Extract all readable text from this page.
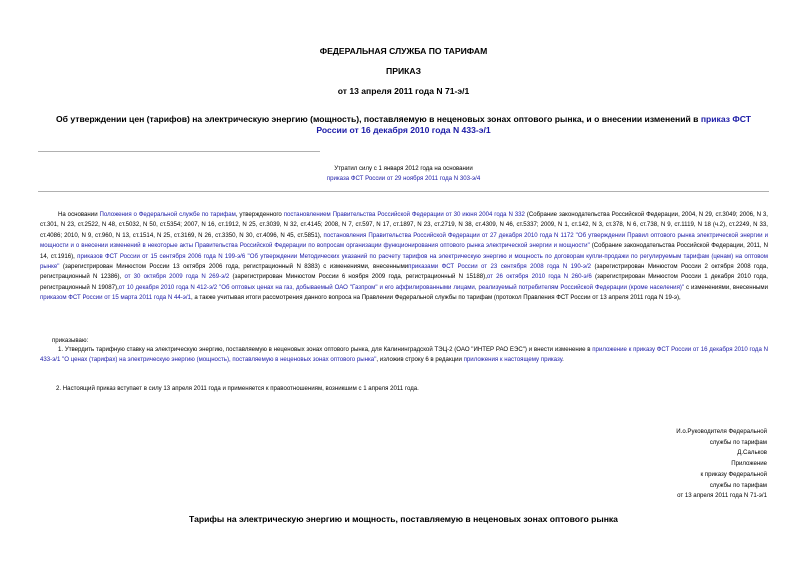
ФЕДЕРАЛЬНАЯ СЛУЖБА ПО ТАРИФАМ
ПРИКАЗ
от 13 апреля 2011 года N 71-э/1
Об утверждении цен (тарифов) на электрическую энергию (мощность), поставляемую в неценовых зонах оптового рынка, и о внесении изменений в приказ ФСТ России от 16 декабря 2010 года N 433-э/1
Утратил силу с 1 января 2012 года на основании
приказа ФСТ России от 29 ноября 2011 года N 303-э/4
На основании Положения о Федеральной службе по тарифам, утвержденного постановлением Правительства Российской Федерации от 30 июня 2004 года N 332 (Собрание законодательства Российской Федерации, 2004, N 29, ст.3049; 2006, N 3, ст.301, N 23, ст.2522, N 48, ст.5032, N 50, ст.5354; 2007, N 16, ст.1912, N 25, ст.3039, N 32, ст.4145; 2008, N 7, ст.597, N 17, ст.1897, N 23, ст.2719, N 38, ст.4309, N 46, ст.5337; 2009, N 1, ст.142, N 3, ст.378, N 6, ст.738, N 9, ст.1119, N 18 (ч.2), ст.2249, N 33, ст.4086; 2010, N 9, ст.960, N 13, ст.1514, N 25, ст.3169, N 26, ст.3350, N 30, ст.4096, N 45, ст.5851), постановления Правительства Российской Федерации от 27 декабря 2010 года N 1172 "Об утверждении Правил оптового рынка электрической энергии и мощности и о внесении изменений в некоторые акты Правительства Российской Федерации по вопросам организации функционирования оптового рынка электрической энергии и мощности" (Собрание законодательства Российской Федерации, 2011, N 14, ст.1916), приказов ФСТ России от 15 сентября 2006 года N 199-э/6 "Об утверждении Методических указаний по расчету тарифов на электрическую энергию и мощность по договорам купли-продажи по регулируемым тарифам (ценам) на оптовом рынке" (зарегистрирован Минюстом России 13 октября 2006 года, регистрационный N 8383) с изменениями, внесеннымиприказами ФСТ России от 23 сентября 2008 года N 190-э/2 (зарегистрирован Минюстом России 2 октября 2008 года, регистрационный N 12386), от 30 октября 2009 года N 269-э/2 (зарегистрирован Минюстом России 6 ноября 2009 года, регистрационный N 15188),от 26 октября 2010 года N 260-э/6 (зарегистрирован Минюстом России 1 декабря 2010 года, регистрационный N 19087),от 10 декабря 2010 года N 412-э/2 "Об оптовых ценах на газ, добываемый ОАО "Газпром" и его аффилированными лицами, реализуемый потребителям Российской Федерации (кроме населения)" с изменениями, внесенными приказом ФСТ России от 15 марта 2011 года N 44-э/1, а также учитывая итоги рассмотрения данного вопроса на Правлении Федеральной службы по тарифам (протокол Правления ФСТ России от 13 апреля 2011 года N 19-э),
приказываю:
1. Утвердить тарифную ставку на электрическую энергию, поставляемую в неценовых зонах оптового рынка, для Калининградской ТЭЦ-2 (ОАО "ИНТЕР РАО ЕЭС") и внести изменение в приложение к приказу ФСТ России от 16 декабря 2010 года N 433-э/1 "О ценах (тарифах) на электрическую энергию (мощность), поставляемую в неценовых зонах оптового рынка", изложив строку 6 в редакции приложения к настоящему приказу.
2. Настоящий приказ вступает в силу 13 апреля 2011 года и применяется к правоотношениям, возникшим с 1 апреля 2011 года.
И.о.Руководителя Федеральной
службы по тарифам
Д.Сальков
Приложение
к приказу Федеральной
службы по тарифам
от 13 апреля 2011 года N 71-э/1
Тарифы на электрическую энергию и мощность, поставляемую в неценовых зонах оптового рынка
